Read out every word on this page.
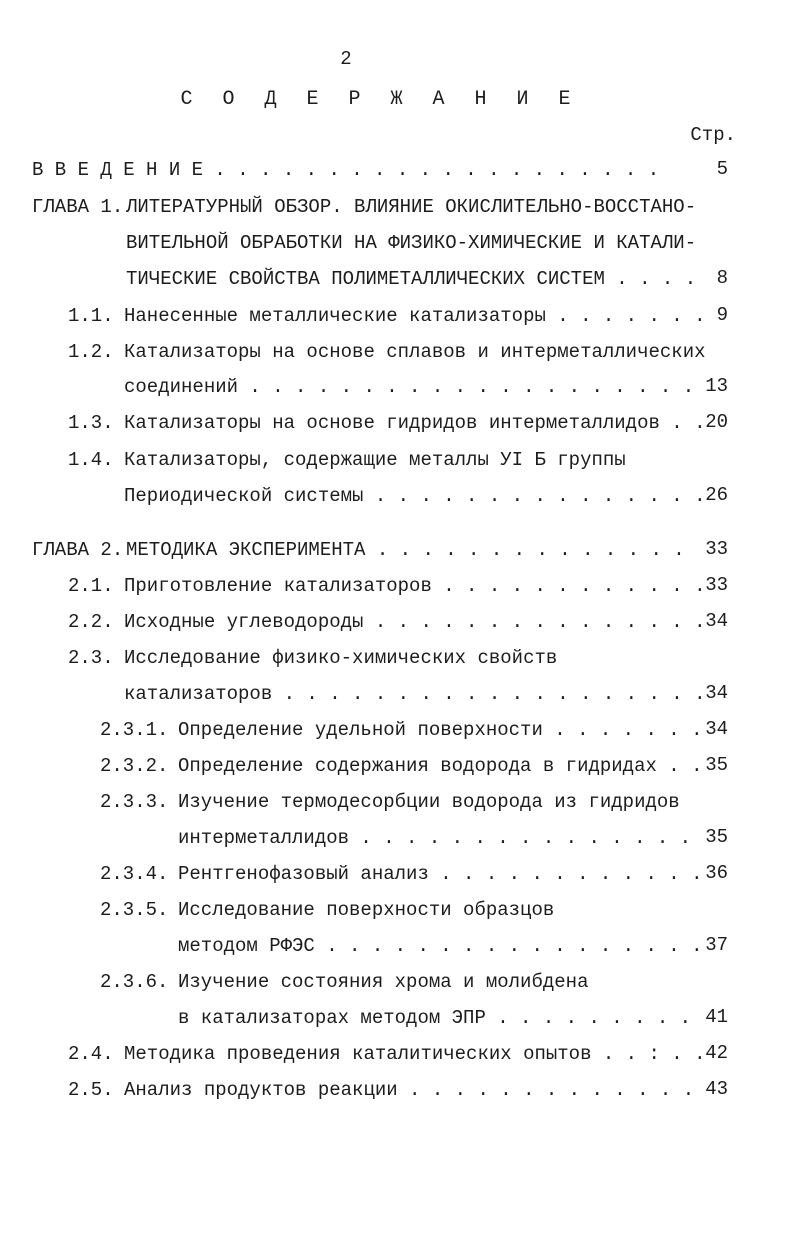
2
С О Д Е Р Ж А Н И Е
Стр.
В В Е Д Е Н И Е . . . . . . . . . . . . . . . . . . . .	5
ГЛАВА 1. ЛИТЕРАТУРНЫЙ ОБЗОР. ВЛИЯНИЕ ОКИСЛИТЕЛЬНО-ВОССТАНО-
ВИТЕЛЬНОЙ ОБРАБОТКИ НА ФИЗИКО-ХИМИЧЕСКИЕ И КАТАЛИ-
ТИЧЕСКИЕ СВОЙСТВА ПОЛИМЕТАЛЛИЧЕСКИХ СИСТЕМ . . . . 8
1.1. Нанесенные металлические катализаторы . . . . . . . 9
1.2. Катализаторы на основе сплавов и интерметаллических
соединений . . . . . . . . . . . . . . . . . . . . 13
1.3. Катализаторы на основе гидридов интерметаллидов . . 20
1.4. Катализаторы, содержащие металлы УI Б группы
Периодической системы . . . . . . . . . . . . . . . 26
ГЛАВА 2. МЕТОДИКА ЭКСПЕРИМЕНТА . . . . . . . . . . . . . . 33
2.1. Приготовление катализаторов . . . . . . . . . . . . 33
2.2. Исходные углеводороды . . . . . . . . . . . . . . . 34
2.3. Исследование физико-химических свойств
катализаторов . . . . . . . . . . . . . . . . . . . 34
2.3.1. Определение удельной поверхности . . . . . . . 34
2.3.2. Определение содержания водорода в гидридах . . 35
2.3.3. Изучение термодесорбции водорода из гидридов
интерметаллидов . . . . . . . . . . . . . . . 35
2.3.4. Рентгенофазовый анализ . . . . . . . . . . . . 36
2.3.5. Исследование поверхности образцов
методом РФЭС . . . . . . . . . . . . . . . . . 37
2.3.6. Изучение состояния хрома и молибдена
в катализаторах методом ЭПР . . . . . . . . . 41
2.4. Методика проведения каталитических опытов . . : . . 42
2.5. Анализ продуктов реакции . . . . . . . . . . . . . 43
